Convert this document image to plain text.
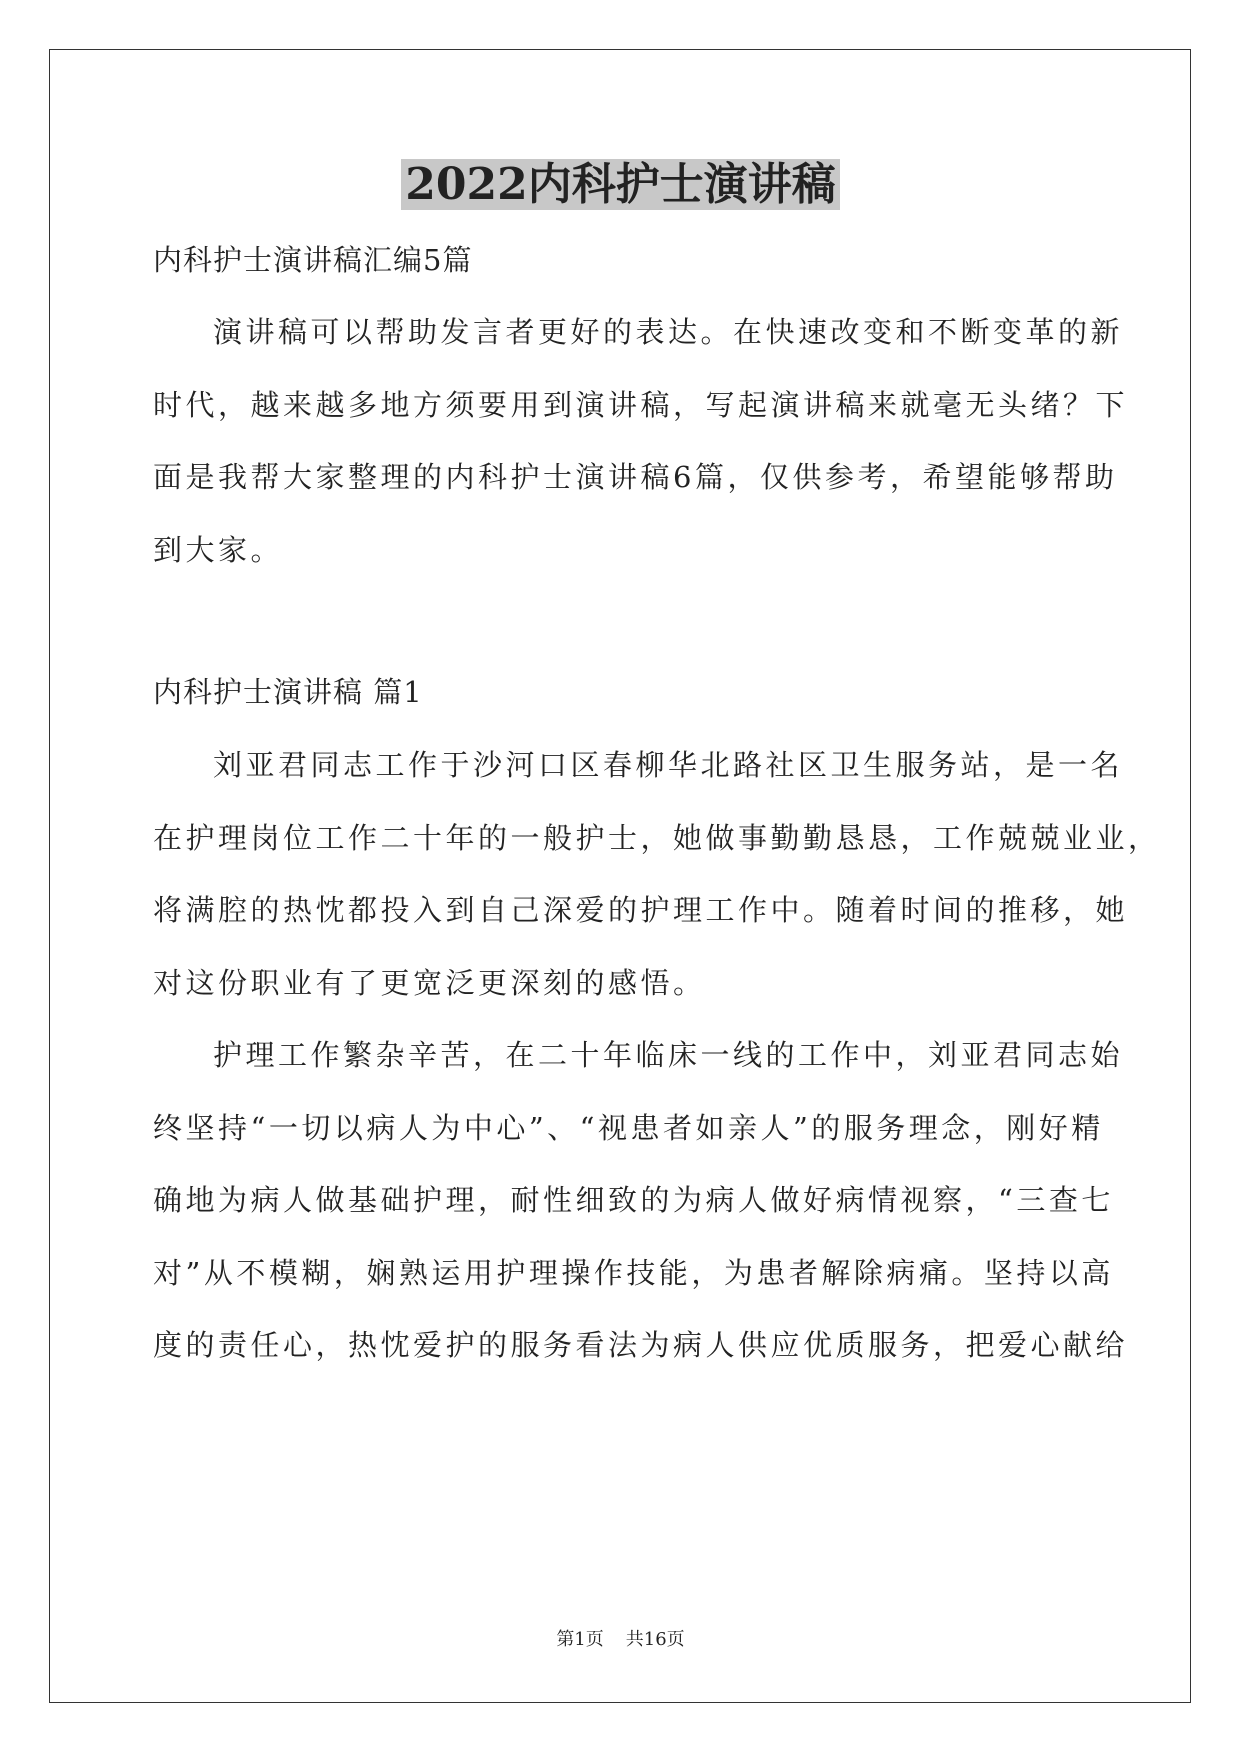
2022内科护士演讲稿

内科护士演讲稿汇编5篇

演讲稿可以帮助发言者更好的表达。在快速改变和不断变革的新

时代，越来越多地方须要用到演讲稿，写起演讲稿来就毫无头绪？下

面是我帮大家整理的内科护士演讲稿6篇，仅供参考，希望能够帮助

到大家。

内科护士演讲稿 篇1

刘亚君同志工作于沙河口区春柳华北路社区卫生服务站，是一名

在护理岗位工作二十年的一般护士，她做事勤勤恳恳，工作兢兢业业，

将满腔的热忱都投入到自己深爱的护理工作中。随着时间的推移，她

对这份职业有了更宽泛更深刻的感悟。

护理工作繁杂辛苦，在二十年临床一线的工作中，刘亚君同志始

终坚持“一切以病人为中心”、“视患者如亲人”的服务理念，刚好精

确地为病人做基础护理，耐性细致的为病人做好病情视察，“三查七

对”从不模糊，娴熟运用护理操作技能，为患者解除病痛。坚持以高

度的责任心，热忱爱护的服务看法为病人供应优质服务，把爱心献给

第1页 共16页
